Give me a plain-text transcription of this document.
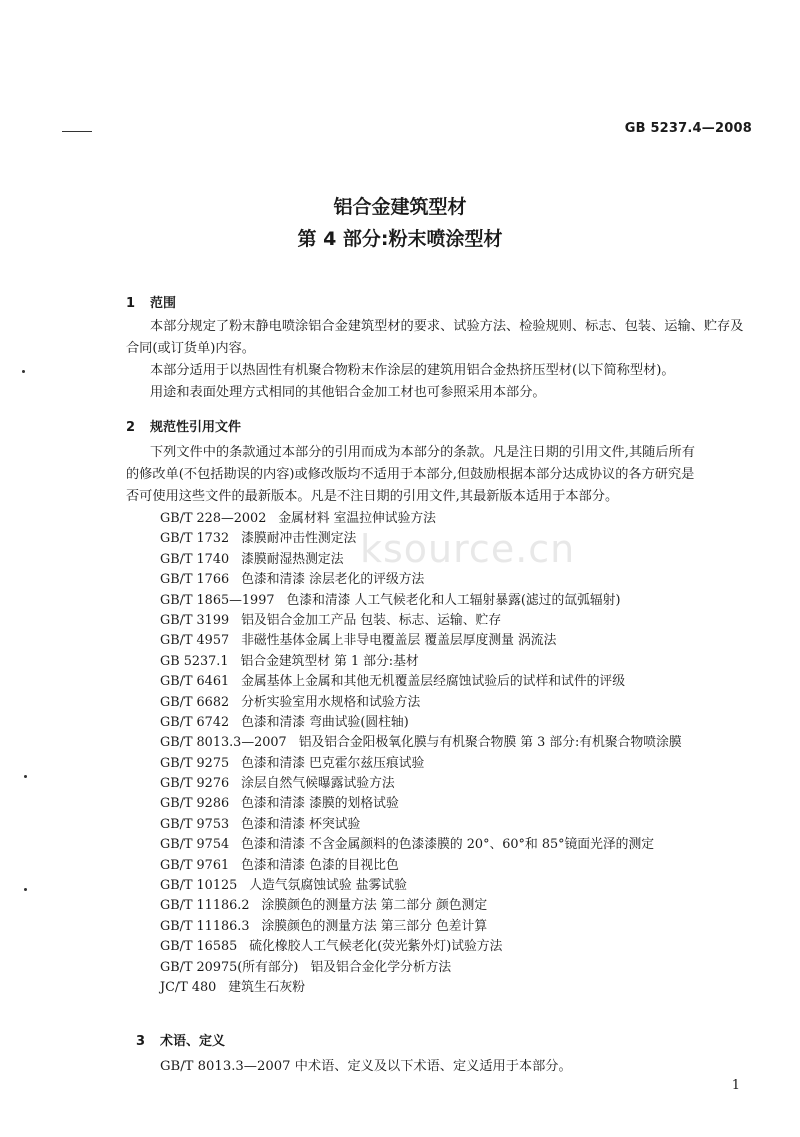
GB 5237.4—2008
铝合金建筑型材
第 4 部分:粉末喷涂型材
ksource.cn
1 范围
本部分规定了粉末静电喷涂铝合金建筑型材的要求、试验方法、检验规则、标志、包装、运输、贮存及
合同(或订货单)内容。
本部分适用于以热固性有机聚合物粉末作涂层的建筑用铝合金热挤压型材(以下简称型材)。
用途和表面处理方式相同的其他铝合金加工材也可参照采用本部分。
2 规范性引用文件
下列文件中的条款通过本部分的引用而成为本部分的条款。凡是注日期的引用文件,其随后所有
的修改单(不包括勘误的内容)或修改版均不适用于本部分,但鼓励根据本部分达成协议的各方研究是
否可使用这些文件的最新版本。凡是不注日期的引用文件,其最新版本适用于本部分。
GB/T 228—2002 金属材料 室温拉伸试验方法
GB/T 1732 漆膜耐冲击性测定法
GB/T 1740 漆膜耐湿热测定法
GB/T 1766 色漆和清漆 涂层老化的评级方法
GB/T 1865—1997 色漆和清漆 人工气候老化和人工辐射暴露(滤过的氙弧辐射)
GB/T 3199 铝及铝合金加工产品 包装、标志、运输、贮存
GB/T 4957 非磁性基体金属上非导电覆盖层 覆盖层厚度测量 涡流法
GB 5237.1 铝合金建筑型材 第 1 部分:基材
GB/T 6461 金属基体上金属和其他无机覆盖层经腐蚀试验后的试样和试件的评级
GB/T 6682 分析实验室用水规格和试验方法
GB/T 6742 色漆和清漆 弯曲试验(圆柱轴)
GB/T 8013.3—2007 铝及铝合金阳极氧化膜与有机聚合物膜 第 3 部分:有机聚合物喷涂膜
GB/T 9275 色漆和清漆 巴克霍尔兹压痕试验
GB/T 9276 涂层自然气候曝露试验方法
GB/T 9286 色漆和清漆 漆膜的划格试验
GB/T 9753 色漆和清漆 杯突试验
GB/T 9754 色漆和清漆 不含金属颜料的色漆漆膜的 20°、60°和 85°镜面光泽的测定
GB/T 9761 色漆和清漆 色漆的目视比色
GB/T 10125 人造气氛腐蚀试验 盐雾试验
GB/T 11186.2 涂膜颜色的测量方法 第二部分 颜色测定
GB/T 11186.3 涂膜颜色的测量方法 第三部分 色差计算
GB/T 16585 硫化橡胶人工气候老化(荧光紫外灯)试验方法
GB/T 20975(所有部分) 铝及铝合金化学分析方法
JC/T 480 建筑生石灰粉
3 术语、定义
GB/T 8013.3—2007 中术语、定义及以下术语、定义适用于本部分。
1
